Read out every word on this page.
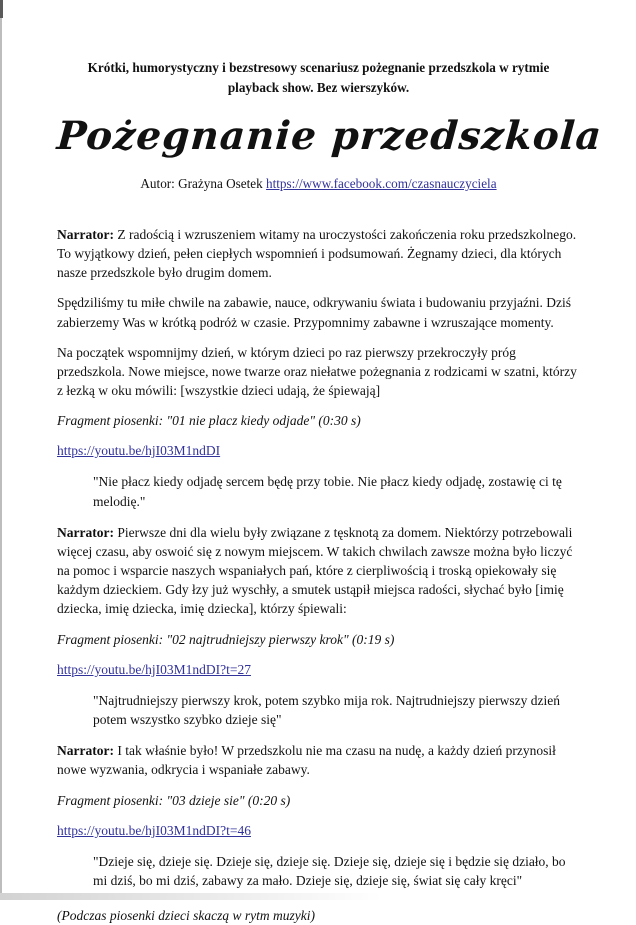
Krótki, humorystyczny i bezstresowy scenariusz pożegnanie przedszkola w rytmie playback show. Bez wierszyków.
Pożegnanie przedszkola
Autor: Grażyna Osetek https://www.facebook.com/czasnauczyciela

Narrator: Z radością i wzruszeniem witamy na uroczystości zakończenia roku przedszkolnego. To wyjątkowy dzień, pełen ciepłych wspomnień i podsumowań. Żegnamy dzieci, dla których nasze przedszkole było drugim domem.

Spędziliśmy tu miłe chwile na zabawie, nauce, odkrywaniu świata i budowaniu przyjaźni. Dziś zabierzemy Was w krótką podróż w czasie. Przypomnimy zabawne i wzruszające momenty.

Na początek wspomnijmy dzień, w którym dzieci po raz pierwszy przekroczyły próg przedszkola. Nowe miejsce, nowe twarze oraz niełatwe pożegnania z rodzicami w szatni, którzy z łezką w oku mówili: [wszystkie dzieci udają, że śpiewają]

Fragment piosenki: "01 nie placz kiedy odjade" (0:30 s)

https://youtu.be/hjI03M1ndDI

"Nie płacz kiedy odjadę sercem będę przy tobie. Nie płacz kiedy odjadę, zostawię ci tę melodię."

Narrator: Pierwsze dni dla wielu były związane z tęsknotą za domem. Niektórzy potrzebowali więcej czasu, aby oswoić się z nowym miejscem. W takich chwilach zawsze można było liczyć na pomoc i wsparcie naszych wspaniałych pań, które z cierpliwością i troską opiekowały się każdym dzieckiem. Gdy łzy już wyschły, a smutek ustąpił miejsca radości, słychać było [imię dziecka, imię dziecka, imię dziecka], którzy śpiewali:

Fragment piosenki: "02 najtrudniejszy pierwszy krok" (0:19 s)

https://youtu.be/hjI03M1ndDI?t=27

"Najtrudniejszy pierwszy krok, potem szybko mija rok. Najtrudniejszy pierwszy dzień potem wszystko szybko dzieje się"

Narrator: I tak właśnie było! W przedszkolu nie ma czasu na nudę, a każdy dzień przynosił nowe wyzwania, odkrycia i wspaniałe zabawy.

Fragment piosenki: "03 dzieje sie" (0:20 s)

https://youtu.be/hjI03M1ndDI?t=46

"Dzieje się, dzieje się. Dzieje się, dzieje się. Dzieje się, dzieje się i będzie się działo, bo mi dziś, bo mi dziś, zabawy za mało. Dzieje się, dzieje się, świat się cały kręci"

(Podczas piosenki dzieci skaczą w rytm muzyki)
